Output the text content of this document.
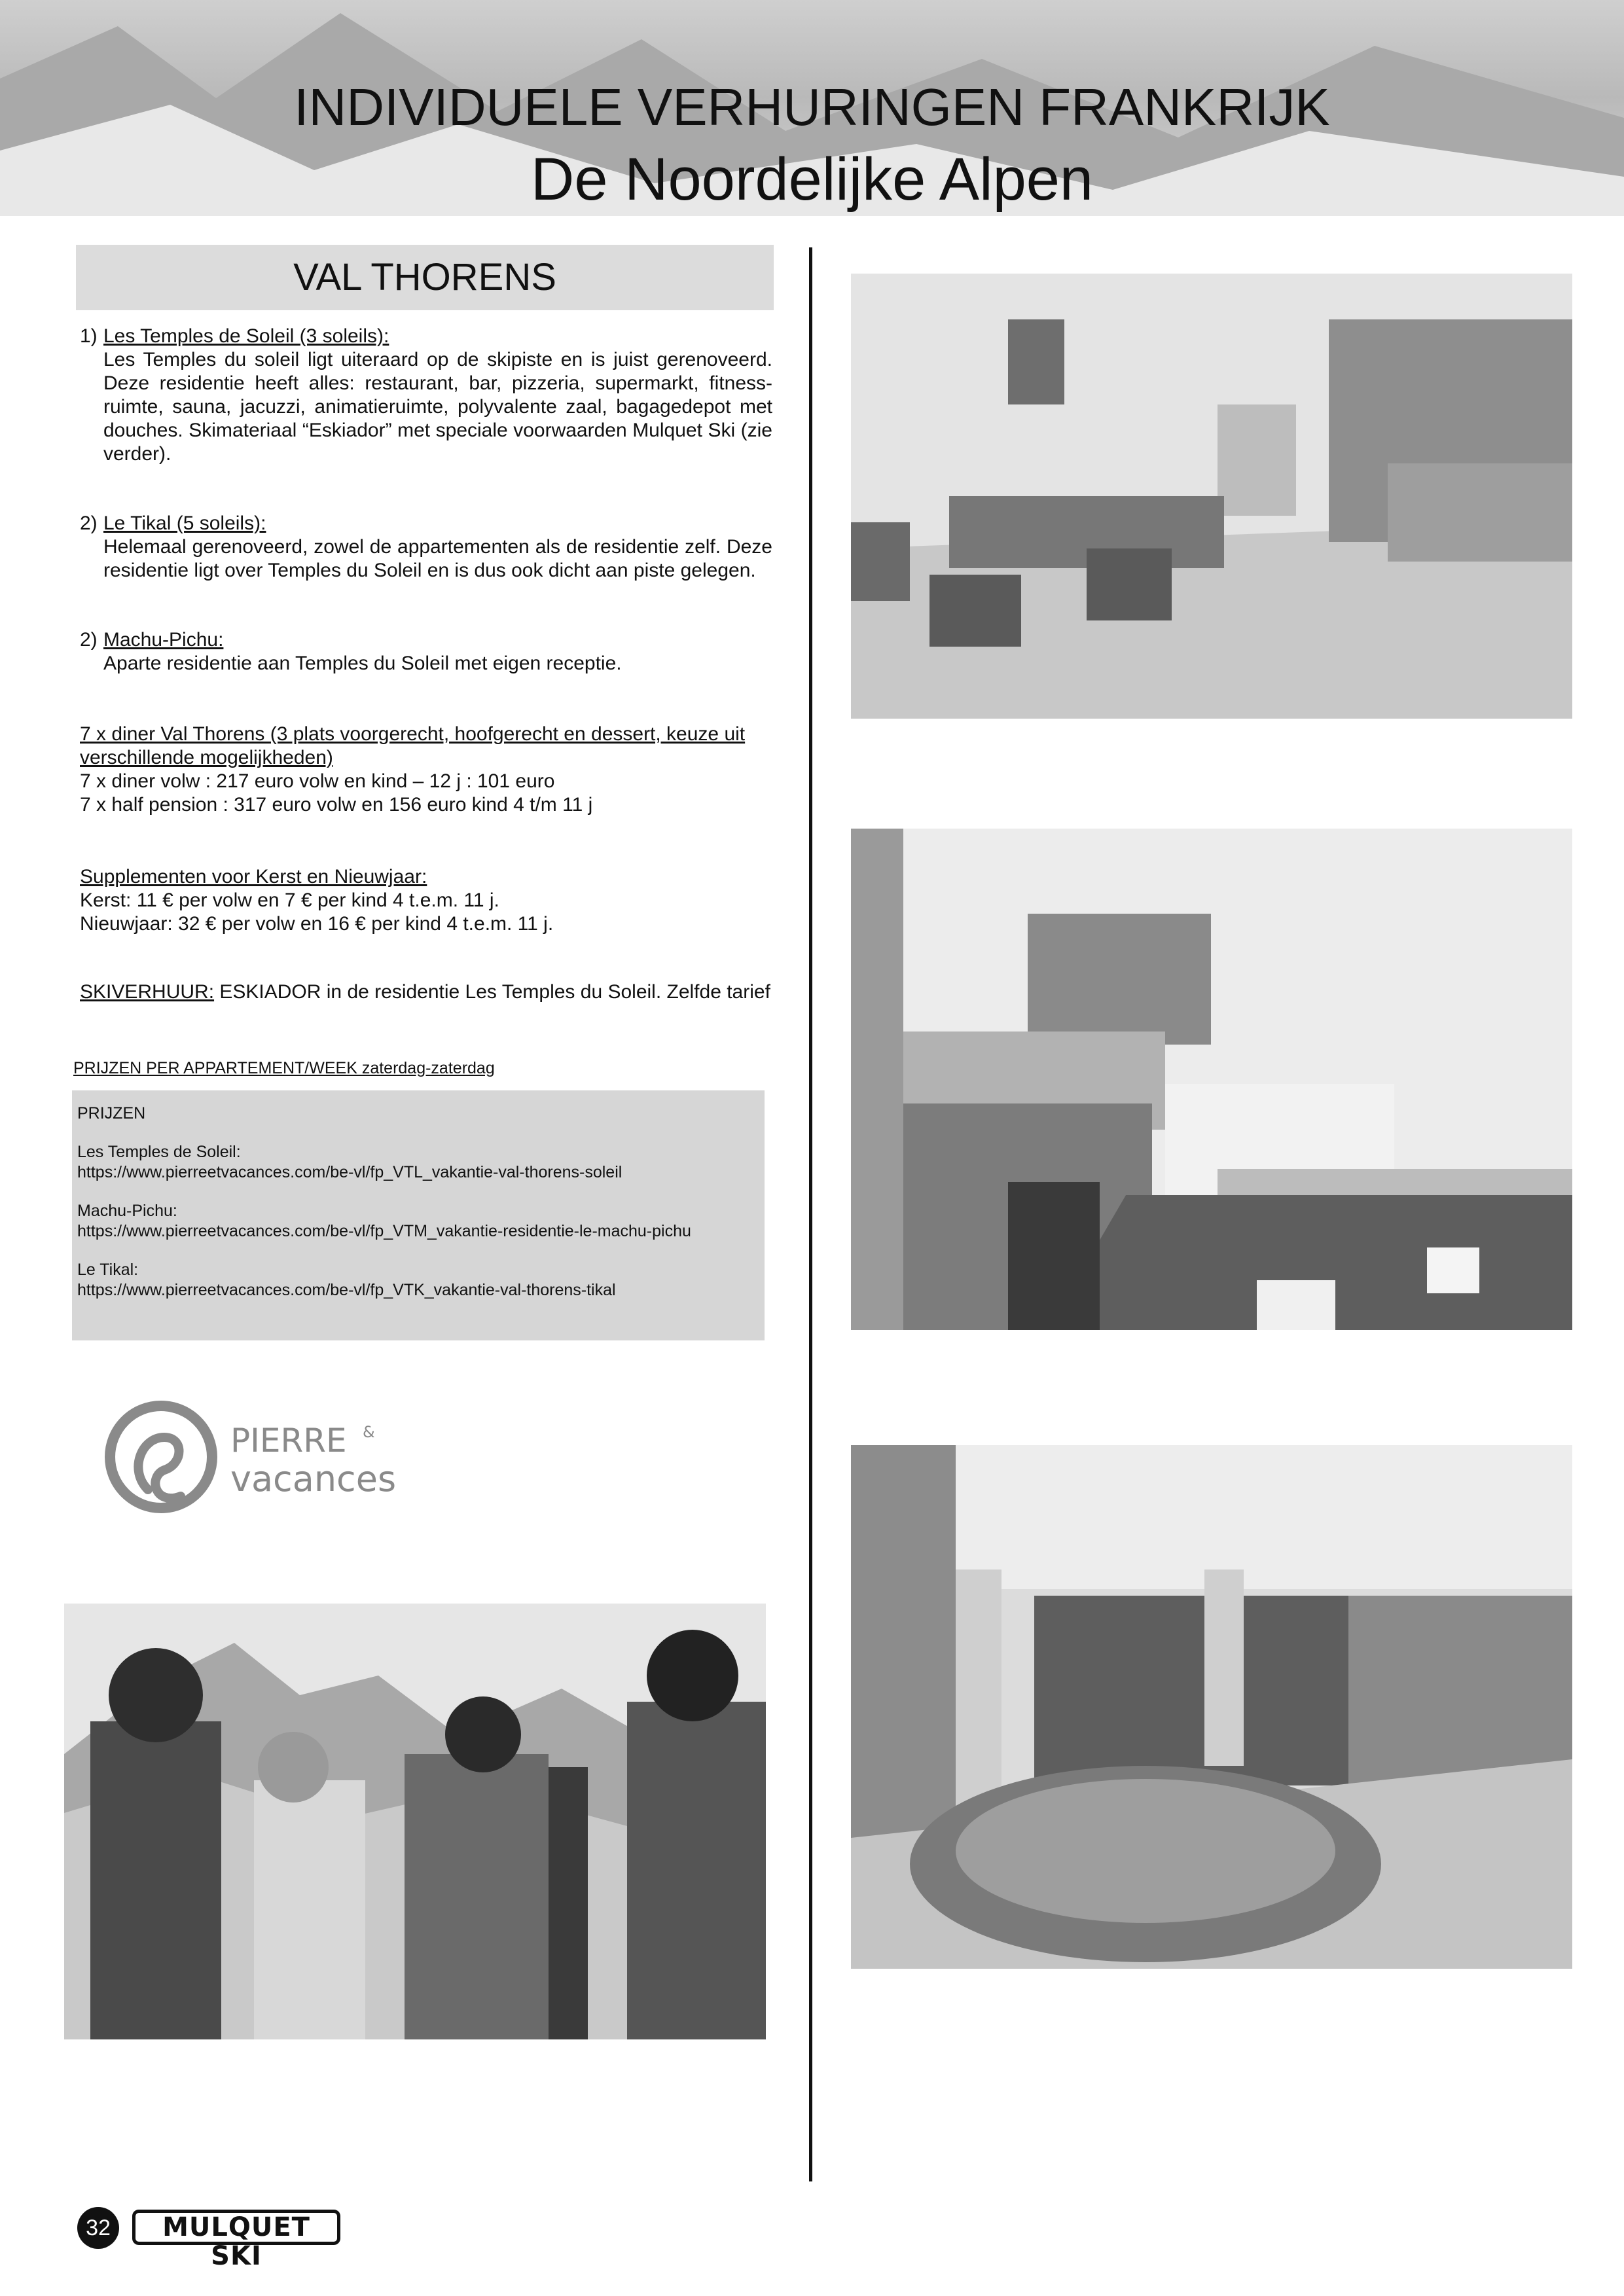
INDIVIDUELE VERHURINGEN FRANKRIJK
De Noordelijke Alpen
VAL THORENS
1) Les Temples de Soleil (3 soleils):
Les Temples du soleil ligt uiteraard op de skipiste en is juist gerenoveerd. Deze residentie heeft alles: restaurant, bar, pizzeria, supermarkt, fitness-ruimte, sauna, jacuzzi, animatieruimte, polyvalente zaal, bagagedepot met douches. Skimateriaal “Eskiador” met speciale voorwaarden Mulquet Ski (zie verder).
2) Le Tikal (5 soleils):
Helemaal gerenoveerd, zowel de appartementen als de residentie zelf. Deze residentie ligt over Temples du Soleil en is dus ook dicht aan piste gelegen.
2) Machu-Pichu:
Aparte residentie aan Temples du Soleil met eigen receptie.
7 x diner Val Thorens (3 plats voorgerecht, hoofgerecht en dessert, keuze uit verschillende mogelijkheden)
7 x diner volw : 217 euro volw en kind – 12 j : 101 euro
7 x half pension : 317 euro volw en 156 euro kind 4 t/m 11 j
Supplementen voor Kerst en Nieuwjaar:
Kerst: 11 € per volw en 7 € per kind 4 t.e.m. 11 j.
Nieuwjaar: 32 € per volw en 16 € per kind 4 t.e.m. 11 j.
SKIVERHUUR: ESKIADOR in de residentie Les Temples du Soleil. Zelfde tarief
PRIJZEN PER APPARTEMENT/WEEK zaterdag-zaterdag

PRIJZEN

Les Temples de Soleil:
https://www.pierreetvacances.com/be-vl/fp_VTL_vakantie-val-thorens-soleil

Machu-Pichu:
https://www.pierreetvacances.com/be-vl/fp_VTM_vakantie-residentie-le-machu-pichu

Le Tikal:
https://www.pierreetvacances.com/be-vl/fp_VTK_vakantie-val-thorens-tikal

PIERRE &
vacances
32	MULQUET SKI
